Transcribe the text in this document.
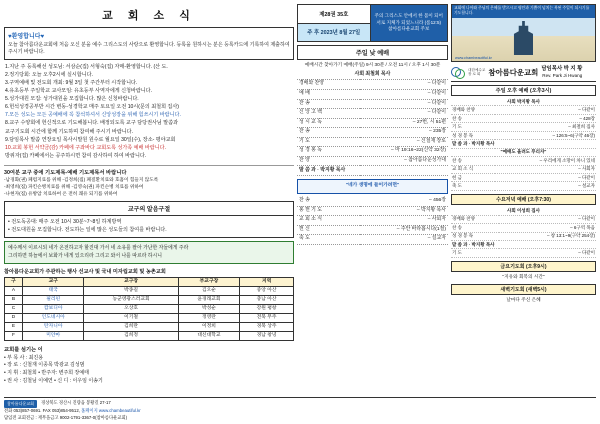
교 회 소 식
♥환영합니다♥
오늘 참아름다운교회에 처음 오신 분을 예수 그리스도의 사랑으로 환영합니다. 등록을 원하시는 분은 등록카드에 기록하여 제출하여 주시기 바랍니다.
1.지난 주 등록해선 성도님: 서삼순(집) 서형숙(집) 자매-환영합니다. (산 도.
2.정기당회: 오늘 오후2시에 실시합니다.
3.구역예배 및 전도회 개최: 9월 3일 첫 주간부터 시작합니다.
4.유초등부 주일학교 교사모임: 유초등부 사역자에게 신청바랍니다.
5.성가대원 모집: 성가대원을 모집합니다. 많은 신청바랍니다.
6.헌석성경공부반 시간 변동-성경학교 매주 토요일 오전 10시(문의 최철희 집사)
7.모든 성도는 모든 공예배에 꼭 참석하셔서 신앙성장을 위해 힘쓰시기 바랍니다.
8.교구 수양회에 헌신적으로 기도해봅니다. 배정되도록 교구 담당권사님 말씀과
교구기도회 시간에 함께 기도하며 참여해 주시기 바랍니다.
9.담임목사 말씀 연장요일 목사시말원 원수로 월요일 30일(수), 장소- 평야교회
10.교회 봉헌 서약금(감) 카페에 구좌바다 교회도록 성가족 예배 바랍니다.
방위자(집) 카페에서는 공주하시면 참여 감사하여 하여 바랍니다.
30여분 교구 중에 기도제목-예배 기도제목서 바랍니다
-남경화(권) 폐렴지료를 위해 -김정희(집) 폐질환치료와 호흡이 힘들지 않도록
-최영희(집) 파킨슨병치료를 위해 -김영숙(권) 파킨슨병 치료를 위하여
-나현자(집) 유방암 치료하여 온 전히 쾌유 되기를 위하여
교구의 알음구절
• 전도독공대: 매주 오전 10시 30분~7~8일 하계방역
• 전도대원을 모집합니다. 전도하는 일에 많은 성도들의 참여를 바랍니다.
예수께서 이르시되 네가 온전하고자 할진대 가서 네 소유를 팔아 가난한 자들에게 주라
그리하면 하늘에서 보화가 네게 있으리라 그리고 와서 나를 따르라 하시니
참아름다운교회가 주관하는 행사 선교사 및 국내 미자립교회 및 농촌교회
구	교구	교구장	부교구장	지역
A	태국	박종길	김오순	중앙 아산
B	필리핀	농군영광스러교회	윤경래교회	충남 아산
C	캄보디아	오상호	박성순	강원 평창
D	인도네시아	이기철	정영란	전북 무주
E	탄자니아	김희란	이정희	경북 상주
F	미얀마	김희정	대신대학교	경남 창녕
교회를 섬기는 이
• 부 목 사 : 최진용
• 장 로 : 신철재 이종목 박광교 김성범
• 지 휘 : 최철희 • 반주자: 변주희 장예태
• 권 사 : 김철님 이예연 • 신 디 : 이우임 이송기
제28권 35호
주 후 2023년 8월 27일
주의 그리스도 안에서 한 몸이 되어
서로 지체가 되었느니라 (롬12:5)
참아름다운교회 주보
주일 낮 예배
예배시간 찾아가기 예배(주일) 9시 30분 / 오전 11시 / 오후 1시 30분
사회 최철희 목사	
경배와 찬양	– 다같이
예 배	– 다같이
찬 송	– 다같이
신 앙 고 백	– 다같이
성 시 교 독	– 27번, 시 51편
찬 송	– 235장
기 도	– 신철재 장로
성 경 봉 독	– 마 19:16~22(신약 32장)
찬 양	– 참아름다운성가대
말 씀 과 · 박지황 목사	
"네가 생명에 들어가려면"
찬 송	– 456장
봉 헌 기 도	– 박지황 목사
교 회 소 식	– 사회자
헌 신	– 주안 바라봅시다(1절)
축 도	– 설교자
교회에 나아와 주님의 은혜를 받으시고 평안과 기쁨이 넘치는 복된 주일이 되시기를 기도합니다.
www.chambeautiful.kr
대한예수교
장 로 회	참아름다운교회 담임목사 박 지 황
Rev. Park Ji Hwang
주일 오후 예배 (오후3시)
사회 박지황 목사	
경배와 찬양	– 다같이
찬 송	– 428장
기 도	– 최철희 집사
성 경 봉 독	– 126:5~6(구약 46장)
말 씀 과 · 박지황 목사	
"예배도 올려도 푸리자"	
찬 송	– 우리에게 소망이 차니 있네
교 회 소 식	– 사회자
헌 금	– 다같이
축 도	– 설교자
수요저녁 예배 (오후7:30)
사회 이성희 집사	
경배와 찬양	– 다같이
찬 송	– 6구역 목음
성 경 봉 독	– 창 13:1~9(구약 254장)
말 씀 과 · 박지황 목사	
기 도	– 다같이
금요기도회 (오후9시)
"지유와 회복의 시간"
새벽기도회 (새벽5시)
날마다 주신 은혜
참아름다운교회	경상북도 경산시 진량읍 봉황길 27-17
전화 053)857-0691. FAX 053)854-9512, 홈페이지 www.chambeautiful.kr
담임전 교회전금 : 재무을금고 9002-1791-3367-0(참아름다운교회)
